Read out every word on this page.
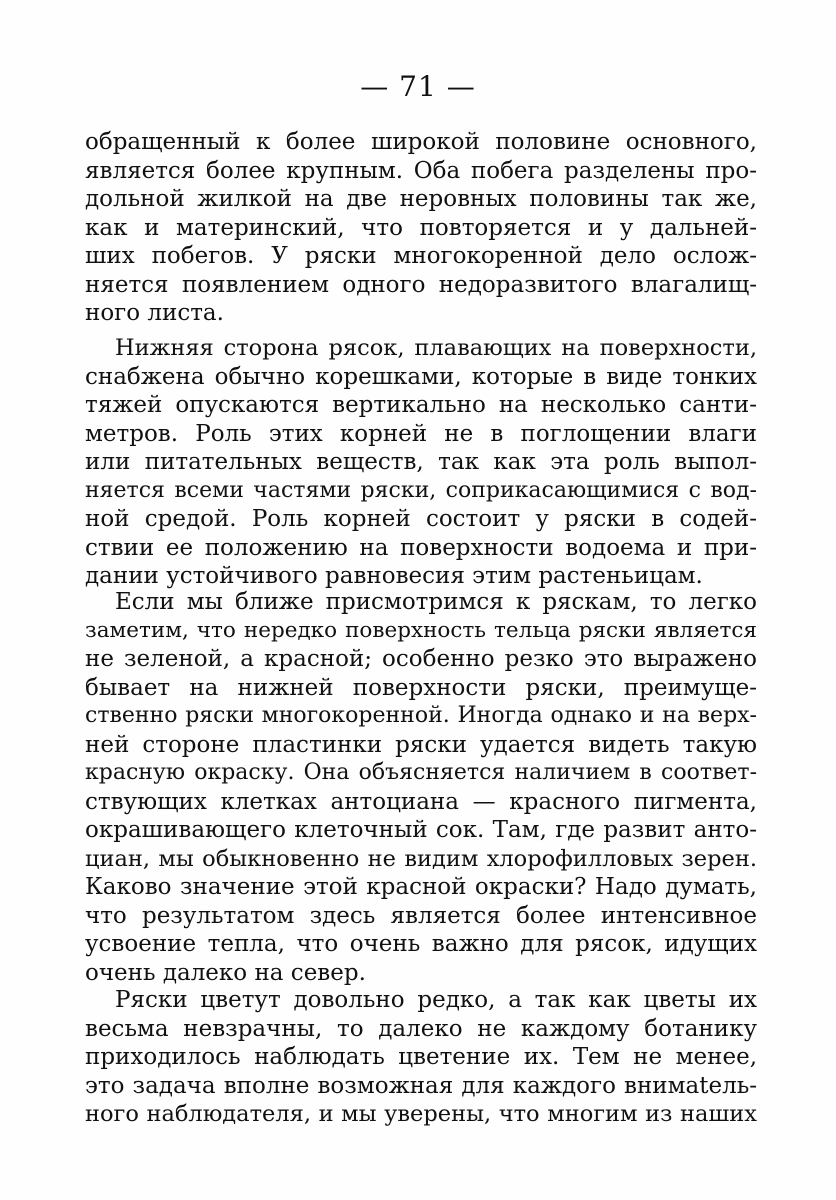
— 71 —
обращенный к более широкой половине основного,
является более крупным. Оба побега разделены про-
дольной жилкой на две неровных половины так же,
как и материнский, что повторяется и у дальней-
ших побегов. У ряски многокоренной дело ослож-
няется появлением одного недоразвитого влагалищ-
ного листа.
Нижняя сторона рясок, плавающих на поверхности,
снабжена обычно корешками, которые в виде тонких
тяжей опускаются вертикально на несколько санти-
метров. Роль этих корней не в поглощении влаги
или питательных веществ, так как эта роль выпол-
няется всеми частями ряски, соприкасающимися с вод-
ной средой. Роль корней состоит у ряски в содей-
ствии ее положению на поверхности водоема и при-
дании устойчивого равновесия этим растеньицам.
Если мы ближе присмотримся к ряскам, то легко
заметим, что нередко поверхность тельца ряски является
не зеленой, а красной; особенно резко это выражено
бывает на нижней поверхности ряски, преимуще-
ственно ряски многокоренной. Иногда однако и на верх-
ней стороне пластинки ряски удается видеть такую
красную окраску. Она объясняется наличием в соответ-
ствующих клетках антоциана — красного пигмента,
окрашивающего клеточный сок. Там, где развит анто-
циан, мы обыкновенно не видим хлорофилловых зерен.
Каково значение этой красной окраски? Надо думать,
что результатом здесь является более интенсивное
усвоение тепла, что очень важно для рясок, идущих
очень далеко на север.
Ряски цветут довольно редко, а так как цветы их
весьма невзрачны, то далеко не каждому ботанику
приходилось наблюдать цветение их. Тем не менее,
это задача вполне возможная для каждого внимatель-
ного наблюдателя, и мы уверены, что многим из наших
